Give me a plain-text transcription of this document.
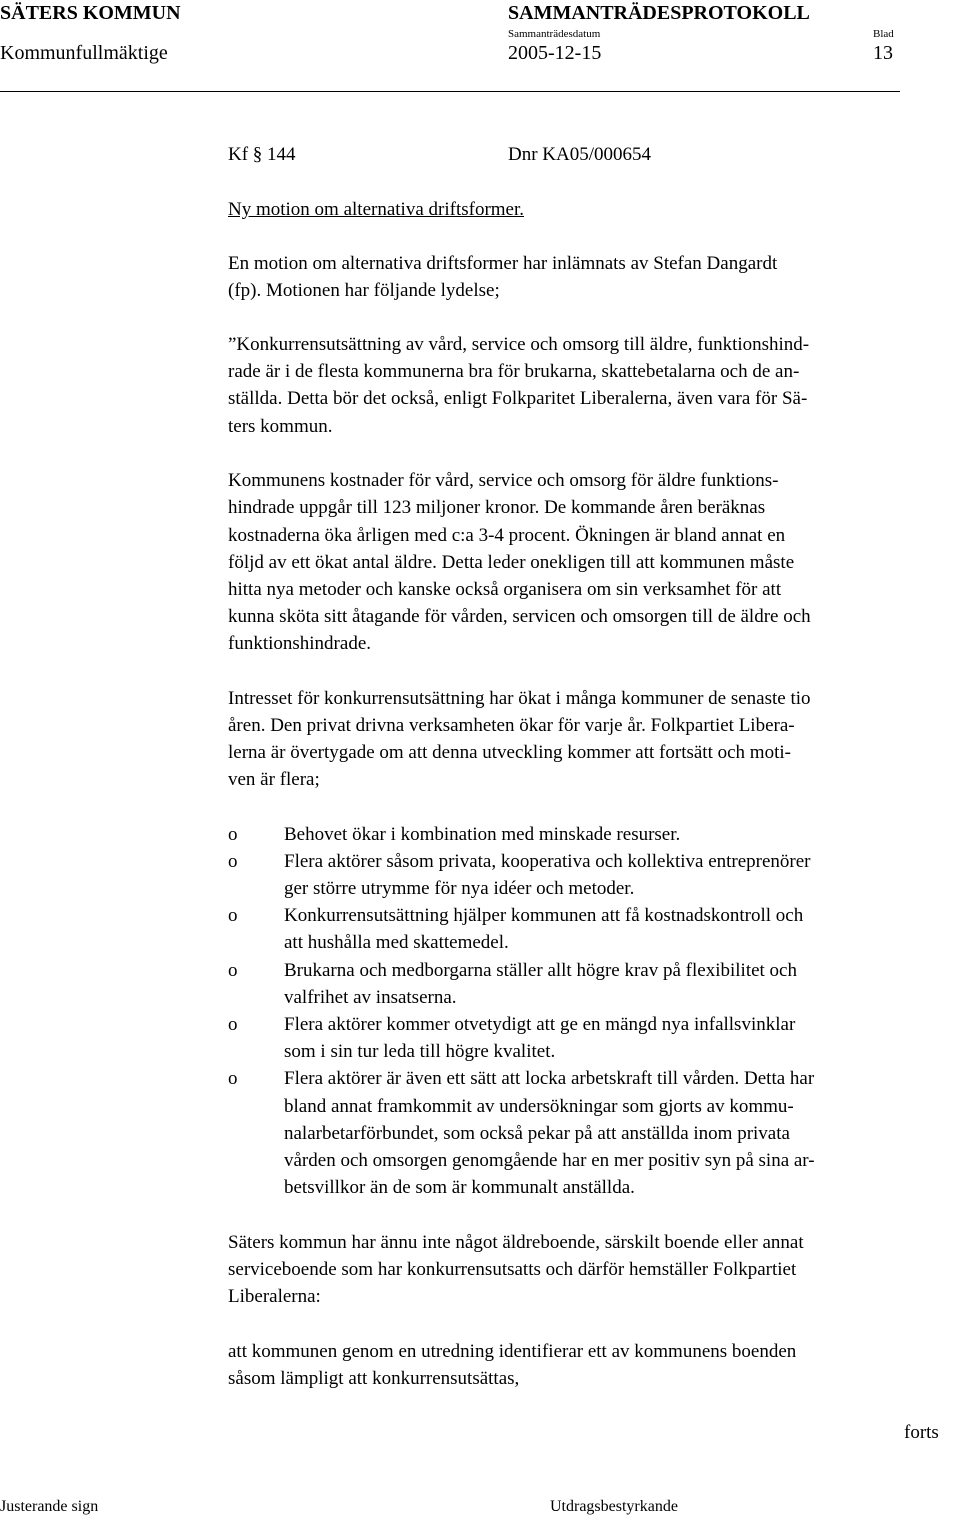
SÄTERS KOMMUN	SAMMANTRÄDESPROTOKOLL
Kommunfullmäktige
Sammanträdesdatum
2005-12-15
Blad
13
Kf § 144	Dnr KA05/000654
Ny motion om alternativa driftsformer.
En motion om alternativa driftsformer har inlämnats av Stefan Dangardt
(fp). Motionen har följande lydelse;
”Konkurrensutsättning av vård, service och omsorg till äldre, funktionshind-
rade är i de flesta kommunerna bra för brukarna, skattebetalarna och de an-
ställda. Detta bör det också, enligt Folkparitet Liberalerna, även vara för Sä-
ters kommun.
Kommunens kostnader för vård, service och omsorg för äldre funktions-
hindrade uppgår till 123 miljoner kronor. De kommande åren beräknas
kostnaderna öka årligen med c:a 3-4 procent. Ökningen är bland annat en
följd av ett ökat antal äldre. Detta leder onekligen till att kommunen måste
hitta nya metoder och kanske också organisera om sin verksamhet för att
kunna sköta sitt åtagande för vården, servicen och omsorgen till de äldre och
funktionshindrade.
Intresset för konkurrensutsättning har ökat i många kommuner de senaste tio
åren. Den privat drivna verksamheten ökar för varje år. Folkpartiet Libera-
lerna är övertygade om att denna utveckling kommer att fortsätt och moti-
ven är flera;
o Behovet ökar i kombination med minskade resurser.
o Flera aktörer såsom privata, kooperativa och kollektiva entreprenörer
ger större utrymme för nya idéer och metoder.
o Konkurrensutsättning hjälper kommunen att få kostnadskontroll och
att hushålla med skattemedel.
o Brukarna och medborgarna ställer allt högre krav på flexibilitet och
valfrihet av insatserna.
o Flera aktörer kommer otvetydigt att ge en mängd nya infallsvinklar
som i sin tur leda till högre kvalitet.
o Flera aktörer är även ett sätt att locka arbetskraft till vården. Detta har
bland annat framkommit av undersökningar som gjorts av kommu-
nalarbetarförbundet, som också pekar på att anställda inom privata
vården och omsorgen genomgående har en mer positiv syn på sina ar-
betsvillkor än de som är kommunalt anställda.
Säters kommun har ännu inte något äldreboende, särskilt boende eller annat
serviceboende som har konkurrensutsatts och därför hemställer Folkpartiet
Liberalerna:
att kommunen genom en utredning identifierar ett av kommunens boenden
såsom lämpligt att konkurrensutsättas,
forts
Justerande sign	Utdragsbestyrkande
